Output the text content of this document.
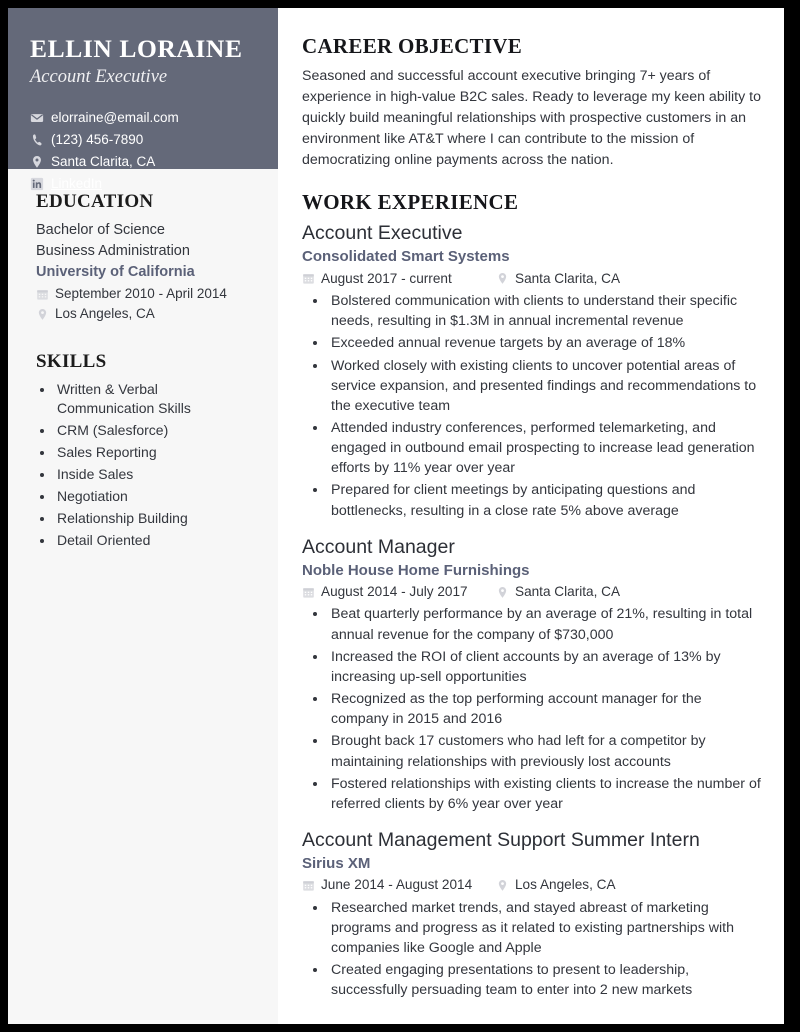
ELLIN LORAINE
Account Executive
elorraine@email.com
(123) 456-7890
Santa Clarita, CA
LinkedIn
EDUCATION
Bachelor of Science
Business Administration
University of California
September 2010 - April 2014
Los Angeles, CA
SKILLS
• Written & Verbal Communication Skills
• CRM (Salesforce)
• Sales Reporting
• Inside Sales
• Negotiation
• Relationship Building
• Detail Oriented
CAREER OBJECTIVE

Seasoned and successful account executive bringing 7+ years of experience in high-value B2C sales. Ready to leverage my keen ability to quickly build meaningful relationships with prospective customers in an environment like AT&T where I can contribute to the mission of democratizing online payments across the nation.

WORK EXPERIENCE
Account Executive
Consolidated Smart Systems
August 2017 - current	Santa Clarita, CA
• Bolstered communication with clients to understand their specific needs, resulting in $1.3M in annual incremental revenue
• Exceeded annual revenue targets by an average of 18%
• Worked closely with existing clients to uncover potential areas of service expansion, and presented findings and recommendations to the executive team
• Attended industry conferences, performed telemarketing, and engaged in outbound email prospecting to increase lead generation efforts by 11% year over year
• Prepared for client meetings by anticipating questions and bottlenecks, resulting in a close rate 5% above average
Account Manager
Noble House Home Furnishings
August 2014 - July 2017	Santa Clarita, CA
• Beat quarterly performance by an average of 21%, resulting in total annual revenue for the company of $730,000
• Increased the ROI of client accounts by an average of 13% by increasing up-sell opportunities
• Recognized as the top performing account manager for the company in 2015 and 2016
• Brought back 17 customers who had left for a competitor by maintaining relationships with previously lost accounts
• Fostered relationships with existing clients to increase the number of referred clients by 6% year over year
Account Management Support Summer Intern
Sirius XM
June 2014 - August 2014	Los Angeles, CA
• Researched market trends, and stayed abreast of marketing programs and progress as it related to existing partnerships with companies like Google and Apple
• Created engaging presentations to present to leadership, successfully persuading team to enter into 2 new markets
